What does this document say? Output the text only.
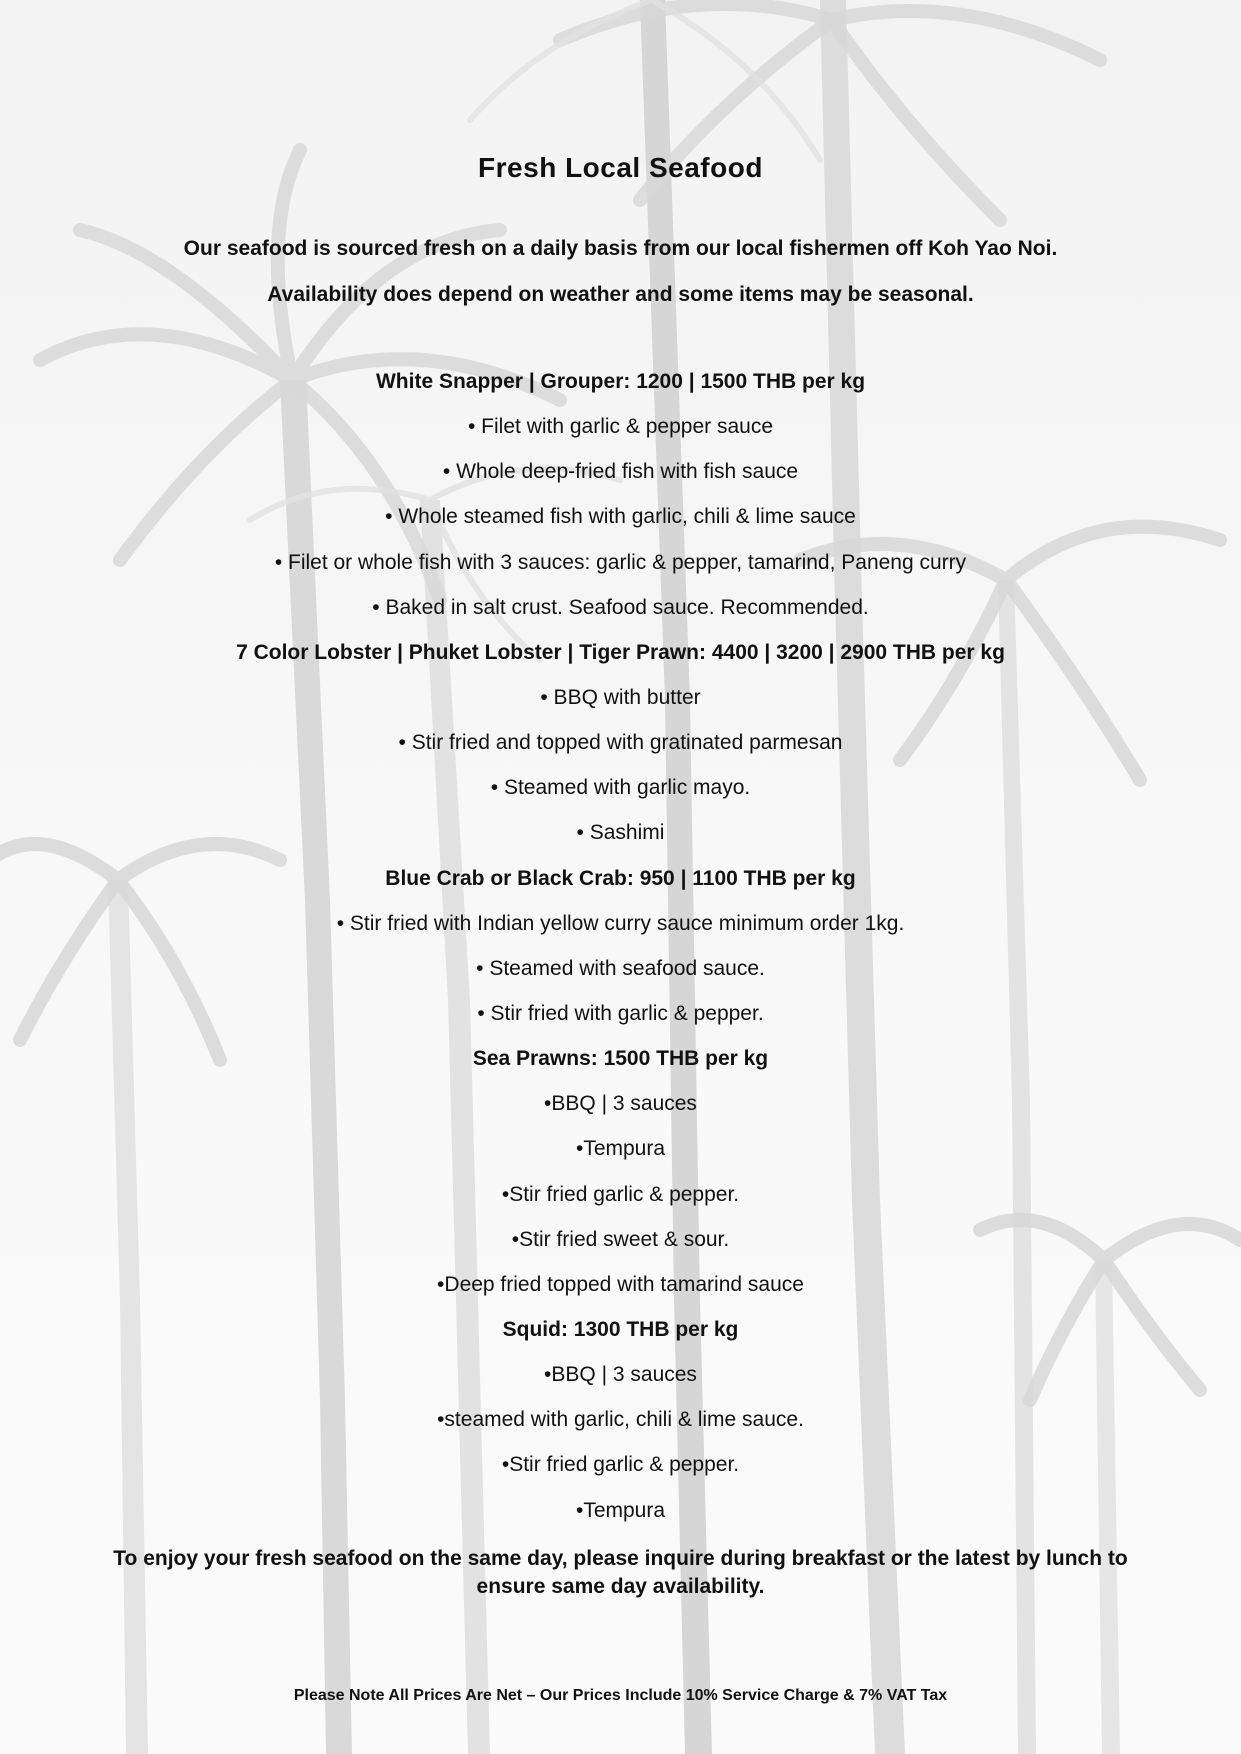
Fresh Local Seafood
Our seafood is sourced fresh on a daily basis from our local fishermen off Koh Yao Noi.
Availability does depend on weather and some items may be seasonal.
White Snapper | Grouper: 1200 | 1500 THB per kg
• Filet with garlic & pepper sauce
• Whole deep-fried fish with fish sauce
• Whole steamed fish with garlic, chili & lime sauce
• Filet or whole fish with 3 sauces: garlic & pepper, tamarind, Paneng curry
• Baked in salt crust. Seafood sauce. Recommended.
7 Color Lobster | Phuket Lobster | Tiger Prawn: 4400 | 3200 | 2900 THB per kg
• BBQ with butter
• Stir fried and topped with gratinated parmesan
• Steamed with garlic mayo.
• Sashimi
Blue Crab or Black Crab: 950 | 1100 THB per kg
• Stir fried with Indian yellow curry sauce minimum order 1kg.
• Steamed with seafood sauce.
• Stir fried with garlic & pepper.
Sea Prawns: 1500 THB per kg
•BBQ | 3 sauces
•Tempura
•Stir fried garlic & pepper.
•Stir fried sweet & sour.
•Deep fried topped with tamarind sauce
Squid: 1300 THB per kg
•BBQ | 3 sauces
•steamed with garlic, chili & lime sauce.
•Stir fried garlic & pepper.
•Tempura
To enjoy your fresh seafood on the same day, please inquire during breakfast or the latest by lunch to ensure same day availability.
Please Note All Prices Are Net – Our Prices Include 10% Service Charge & 7% VAT Tax
